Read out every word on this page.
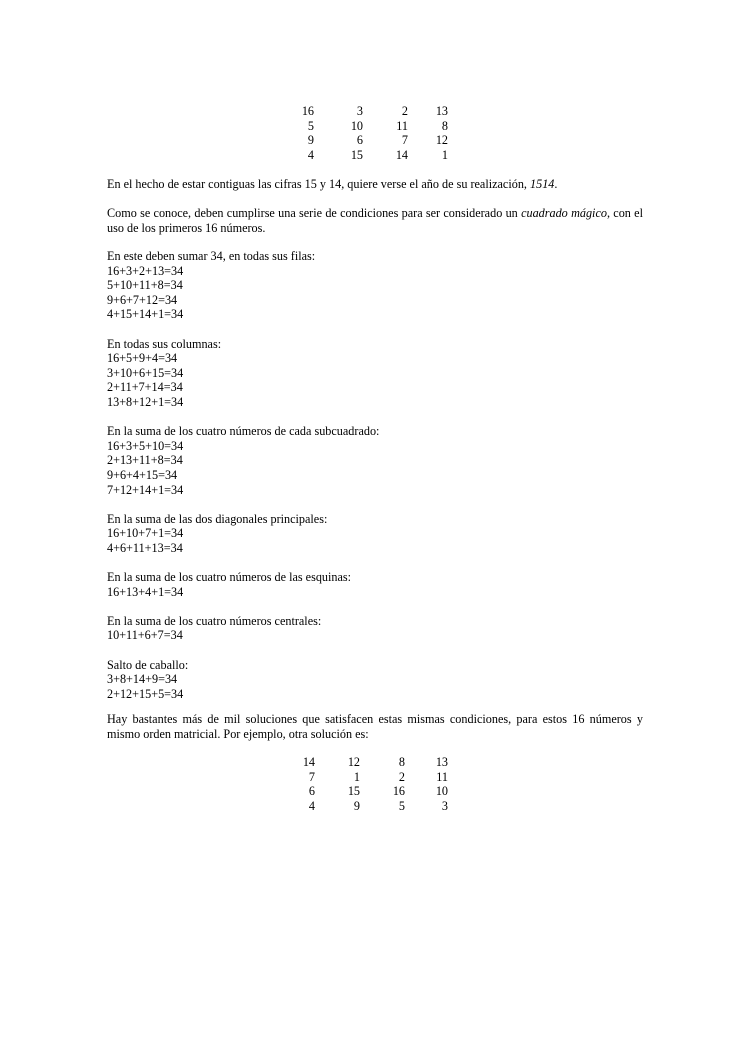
16	3	2	13
5	10	11	8
9	6	7	12
4	15	14	1

En el hecho de estar contiguas las cifras 15 y 14, quiere verse el año de su realización, 1514.

Como se conoce, deben cumplirse una serie de condiciones para ser considerado un cuadrado mágico, con el uso de los primeros 16 números.

En este deben sumar 34, en todas sus filas:
16+3+2+13=34
5+10+11+8=34
9+6+7+12=34
4+15+14+1=34
En todas sus columnas:
16+5+9+4=34
3+10+6+15=34
2+11+7+14=34
13+8+12+1=34
En la suma de los cuatro números de cada subcuadrado:
16+3+5+10=34
2+13+11+8=34
9+6+4+15=34
7+12+14+1=34
En la suma de las dos diagonales principales:
16+10+7+1=34
4+6+11+13=34
En la suma de los cuatro números de las esquinas:
16+13+4+1=34
En la suma de los cuatro números centrales:
10+11+6+7=34
Salto de caballo:
3+8+14+9=34
2+12+15+5=34

Hay bastantes más de mil soluciones que satisfacen estas mismas condiciones, para estos 16 números y mismo orden matricial. Por ejemplo, otra solución es:

14	12	8	13
7	1	2	11
6	15	16	10
4	9	5	3
